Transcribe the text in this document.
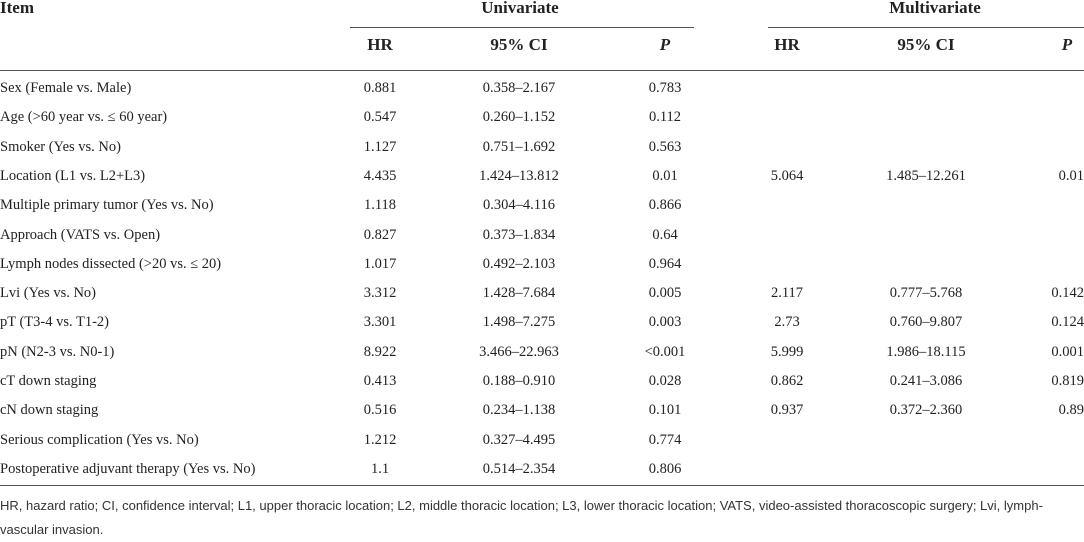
Item	Univariate	Multivariate
HR	95% CI	P	HR	95% CI	P
Sex (Female vs. Male)	0.881	0.358–2.167	0.783
Age (>60 year vs. ≤ 60 year)	0.547	0.260–1.152	0.112
Smoker (Yes vs. No)	1.127	0.751–1.692	0.563
Location (L1 vs. L2+L3)	4.435	1.424–13.812	0.01	5.064	1.485–12.261	0.01
Multiple primary tumor (Yes vs. No)	1.118	0.304–4.116	0.866
Approach (VATS vs. Open)	0.827	0.373–1.834	0.64
Lymph nodes dissected (>20 vs. ≤ 20)	1.017	0.492–2.103	0.964
Lvi (Yes vs. No)	3.312	1.428–7.684	0.005	2.117	0.777–5.768	0.142
pT (T3-4 vs. T1-2)	3.301	1.498–7.275	0.003	2.73	0.760–9.807	0.124
pN (N2-3 vs. N0-1)	8.922	3.466–22.963	<0.001	5.999	1.986–18.115	0.001
cT down staging	0.413	0.188–0.910	0.028	0.862	0.241–3.086	0.819
cN down staging	0.516	0.234–1.138	0.101	0.937	0.372–2.360	0.89
Serious complication (Yes vs. No)	1.212	0.327–4.495	0.774
Postoperative adjuvant therapy (Yes vs. No)	1.1	0.514–2.354	0.806
HR, hazard ratio; CI, confidence interval; L1, upper thoracic location; L2, middle thoracic location; L3, lower thoracic location; VATS, video-assisted thoracoscopic surgery; Lvi, lymph-vascular invasion.
